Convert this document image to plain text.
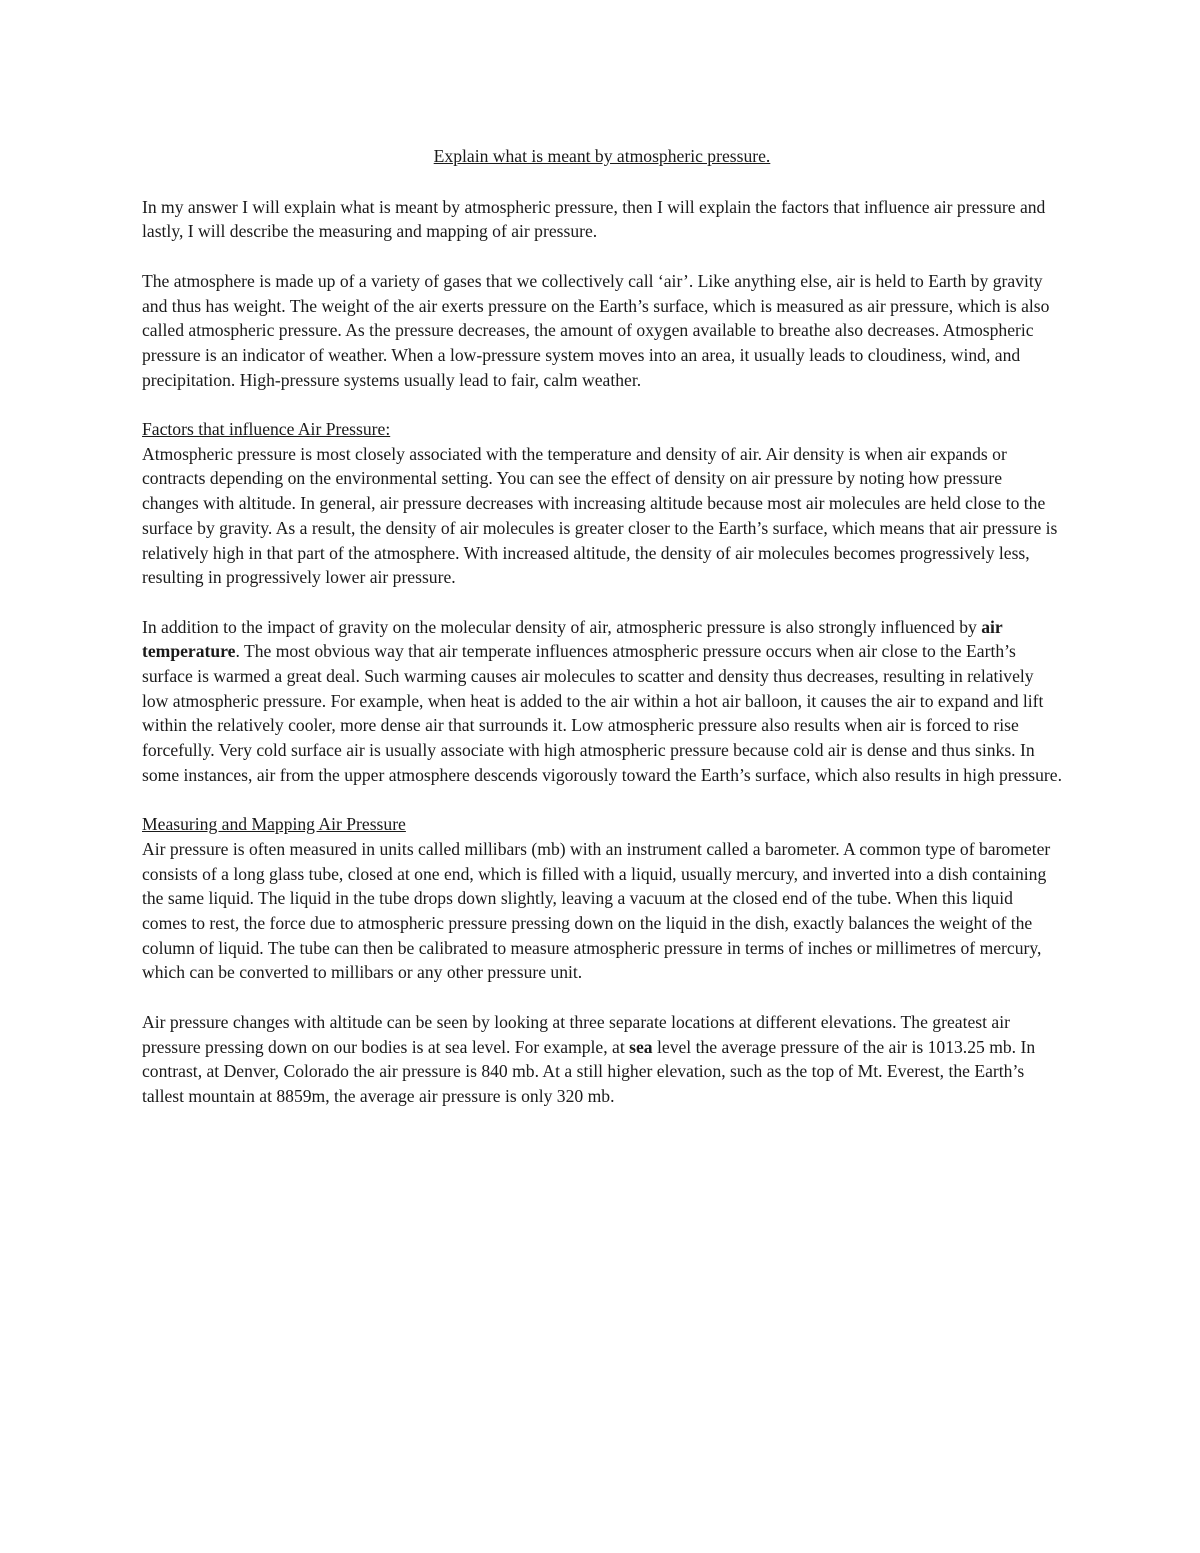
Explain what is meant by atmospheric pressure.

In my answer I will explain what is meant by atmospheric pressure, then I will explain the factors that influence air pressure and lastly, I will describe the measuring and mapping of air pressure.

The atmosphere is made up of a variety of gases that we collectively call ‘air’. Like anything else, air is held to Earth by gravity and thus has weight. The weight of the air exerts pressure on the Earth’s surface, which is measured as air pressure, which is also called atmospheric pressure. As the pressure decreases, the amount of oxygen available to breathe also decreases. Atmospheric pressure is an indicator of weather. When a low-pressure system moves into an area, it usually leads to cloudiness, wind, and precipitation. High-pressure systems usually lead to fair, calm weather.

Factors that influence Air Pressure:

Atmospheric pressure is most closely associated with the temperature and density of air. Air density is when air expands or contracts depending on the environmental setting. You can see the effect of density on air pressure by noting how pressure changes with altitude. In general, air pressure decreases with increasing altitude because most air molecules are held close to the surface by gravity. As a result, the density of air molecules is greater closer to the Earth’s surface, which means that air pressure is relatively high in that part of the atmosphere. With increased altitude, the density of air molecules becomes progressively less, resulting in progressively lower air pressure.

In addition to the impact of gravity on the molecular density of air, atmospheric pressure is also strongly influenced by air temperature. The most obvious way that air temperate influences atmospheric pressure occurs when air close to the Earth’s surface is warmed a great deal. Such warming causes air molecules to scatter and density thus decreases, resulting in relatively low atmospheric pressure. For example, when heat is added to the air within a hot air balloon, it causes the air to expand and lift within the relatively cooler, more dense air that surrounds it. Low atmospheric pressure also results when air is forced to rise forcefully. Very cold surface air is usually associate with high atmospheric pressure because cold air is dense and thus sinks. In some instances, air from the upper atmosphere descends vigorously toward the Earth’s surface, which also results in high pressure.

Measuring and Mapping Air Pressure

Air pressure is often measured in units called millibars (mb) with an instrument called a barometer. A common type of barometer consists of a long glass tube, closed at one end, which is filled with a liquid, usually mercury, and inverted into a dish containing the same liquid. The liquid in the tube drops down slightly, leaving a vacuum at the closed end of the tube. When this liquid comes to rest, the force due to atmospheric pressure pressing down on the liquid in the dish, exactly balances the weight of the column of liquid. The tube can then be calibrated to measure atmospheric pressure in terms of inches or millimetres of mercury, which can be converted to millibars or any other pressure unit.

Air pressure changes with altitude can be seen by looking at three separate locations at different elevations. The greatest air pressure pressing down on our bodies is at sea level. For example, at sea level the average pressure of the air is 1013.25 mb. In contrast, at Denver, Colorado the air pressure is 840 mb. At a still higher elevation, such as the top of Mt. Everest, the Earth’s tallest mountain at 8859m, the average air pressure is only 320 mb.
